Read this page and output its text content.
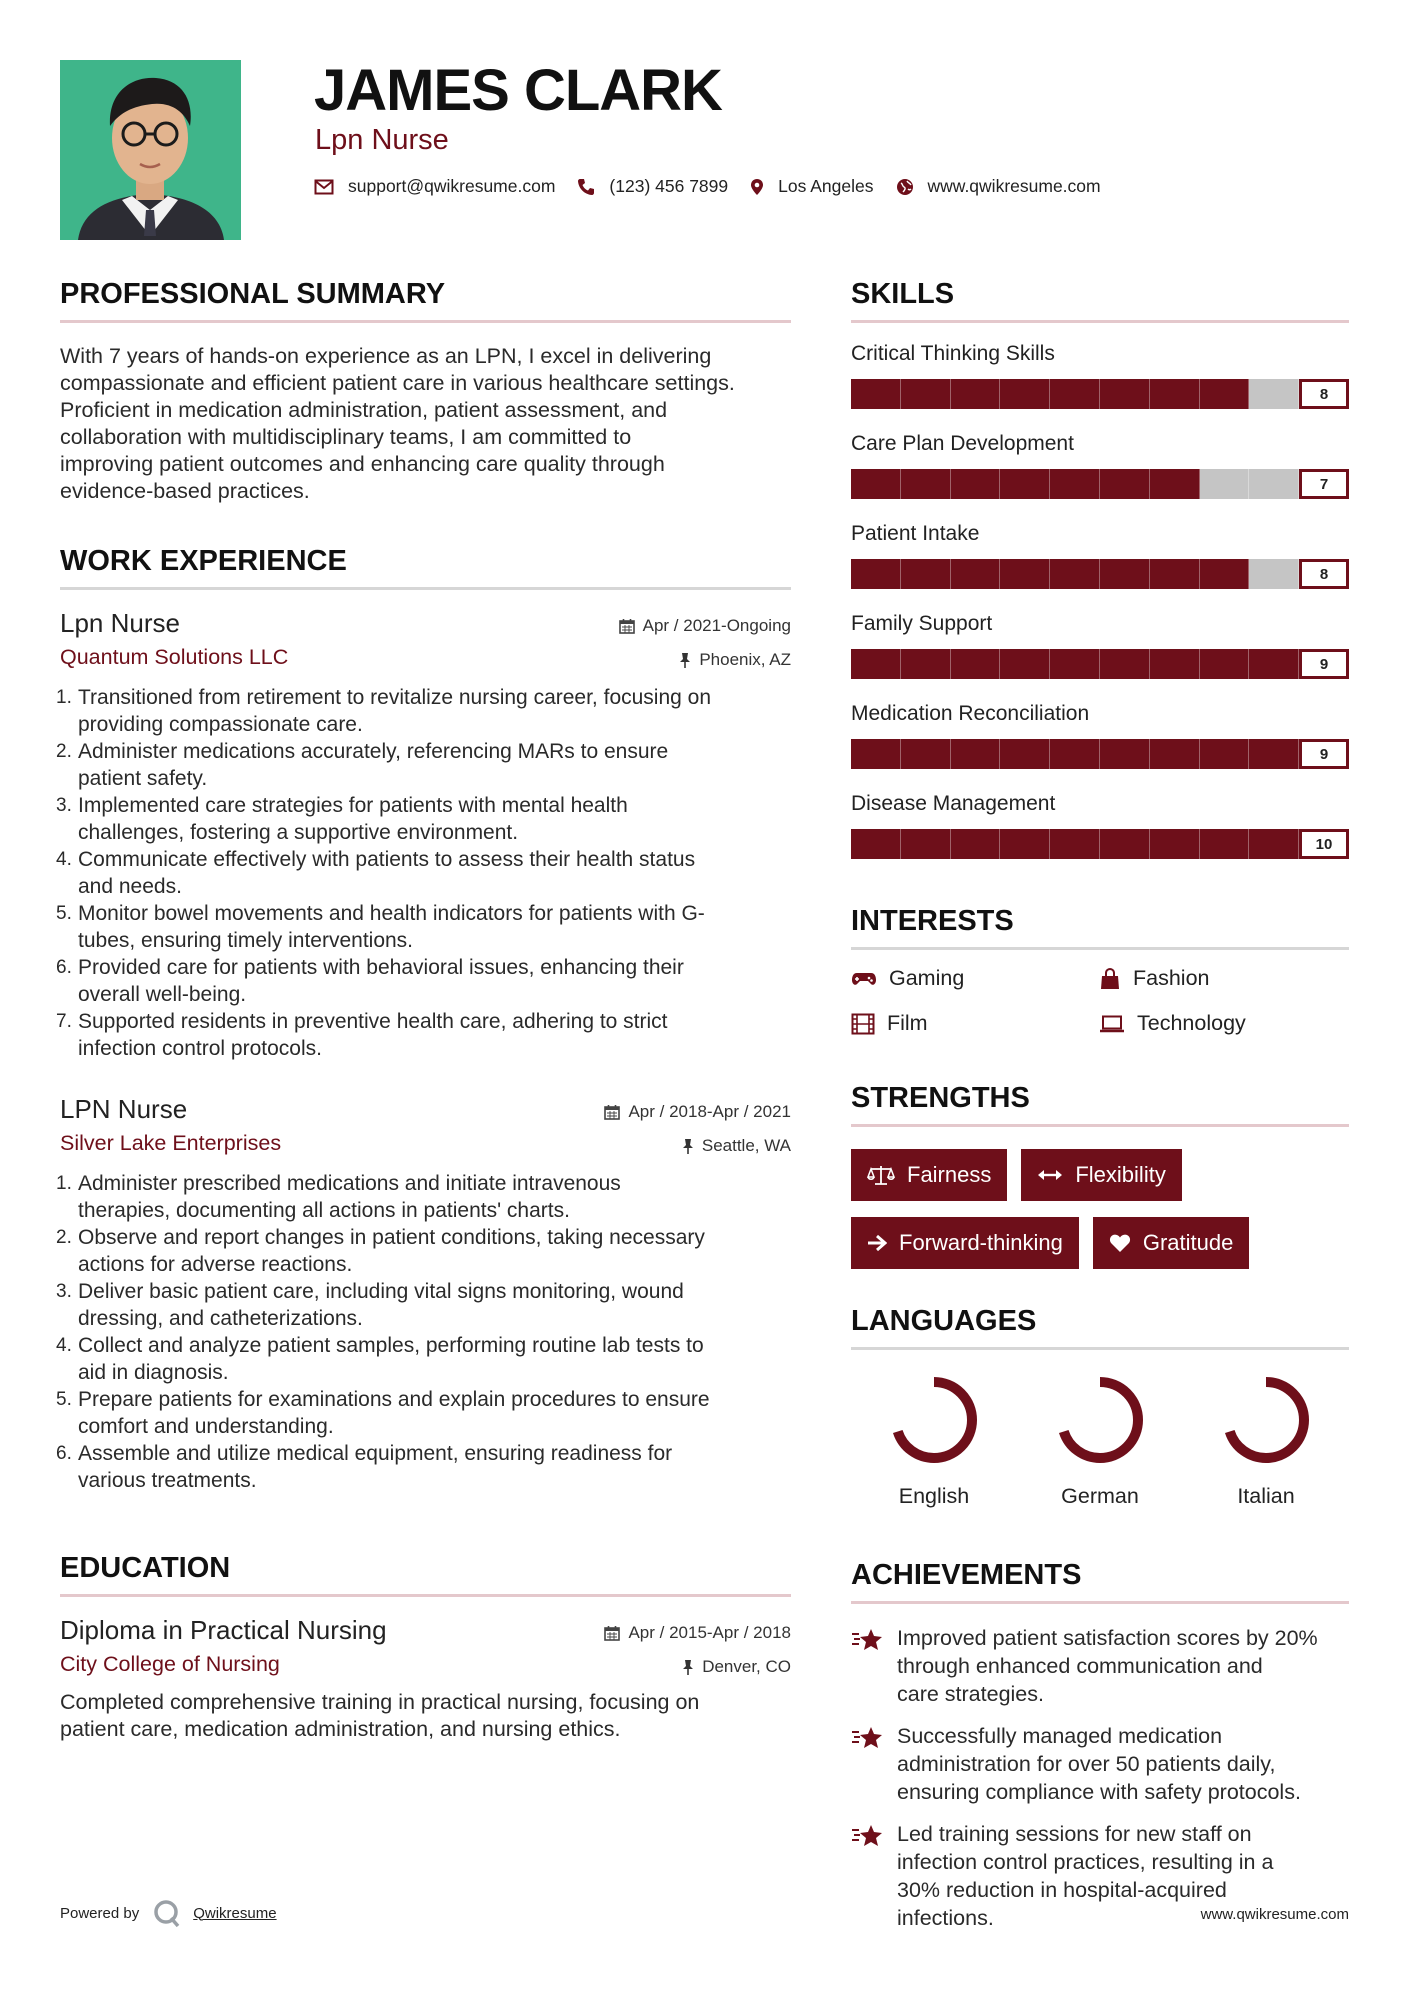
JAMES CLARK
Lpn Nurse
support@qwikresume.com	(123) 456 7899	Los Angeles	www.qwikresume.com
PROFESSIONAL SUMMARY
With 7 years of hands-on experience as an LPN, I excel in delivering
compassionate and efficient patient care in various healthcare settings.
Proficient in medication administration, patient assessment, and
collaboration with multidisciplinary teams, I am committed to
improving patient outcomes and enhancing care quality through
evidence-based practices.
WORK EXPERIENCE
Apr / 2021-Ongoing
Lpn Nurse
Phoenix, AZ
Quantum Solutions LLC
1. Transitioned from retirement to revitalize nursing career, focusing on
providing compassionate care.
2. Administer medications accurately, referencing MARs to ensure
patient safety.
3. Implemented care strategies for patients with mental health
challenges, fostering a supportive environment.
4. Communicate effectively with patients to assess their health status
and needs.
5. Monitor bowel movements and health indicators for patients with G-
tubes, ensuring timely interventions.
6. Provided care for patients with behavioral issues, enhancing their
overall well-being.
7. Supported residents in preventive health care, adhering to strict
infection control protocols.
Apr / 2018-Apr / 2021
LPN Nurse
Seattle, WA
Silver Lake Enterprises
1. Administer prescribed medications and initiate intravenous
therapies, documenting all actions in patients' charts.
2. Observe and report changes in patient conditions, taking necessary
actions for adverse reactions.
3. Deliver basic patient care, including vital signs monitoring, wound
dressing, and catheterizations.
4. Collect and analyze patient samples, performing routine lab tests to
aid in diagnosis.
5. Prepare patients for examinations and explain procedures to ensure
comfort and understanding.
6. Assemble and utilize medical equipment, ensuring readiness for
various treatments.
EDUCATION
Apr / 2015-Apr / 2018
Diploma in Practical Nursing
Denver, CO
City College of Nursing
Completed comprehensive training in practical nursing, focusing on
patient care, medication administration, and nursing ethics.
SKILLS
Critical Thinking Skills
8
Care Plan Development
7
Patient Intake
8
Family Support
9
Medication Reconciliation
9
Disease Management
10
INTERESTS
Gaming	Fashion
Film	Technology
STRENGTHS
Fairness	Flexibility
Forward-thinking	Gratitude
LANGUAGES
English	German	Italian
ACHIEVEMENTS
Improved patient satisfaction scores by 20%
through enhanced communication and
care strategies.
Successfully managed medication
administration for over 50 patients daily,
ensuring compliance with safety protocols.
Led training sessions for new staff on
infection control practices, resulting in a
30% reduction in hospital-acquired
infections.
Powered by	Qwikresume	www.qwikresume.com
